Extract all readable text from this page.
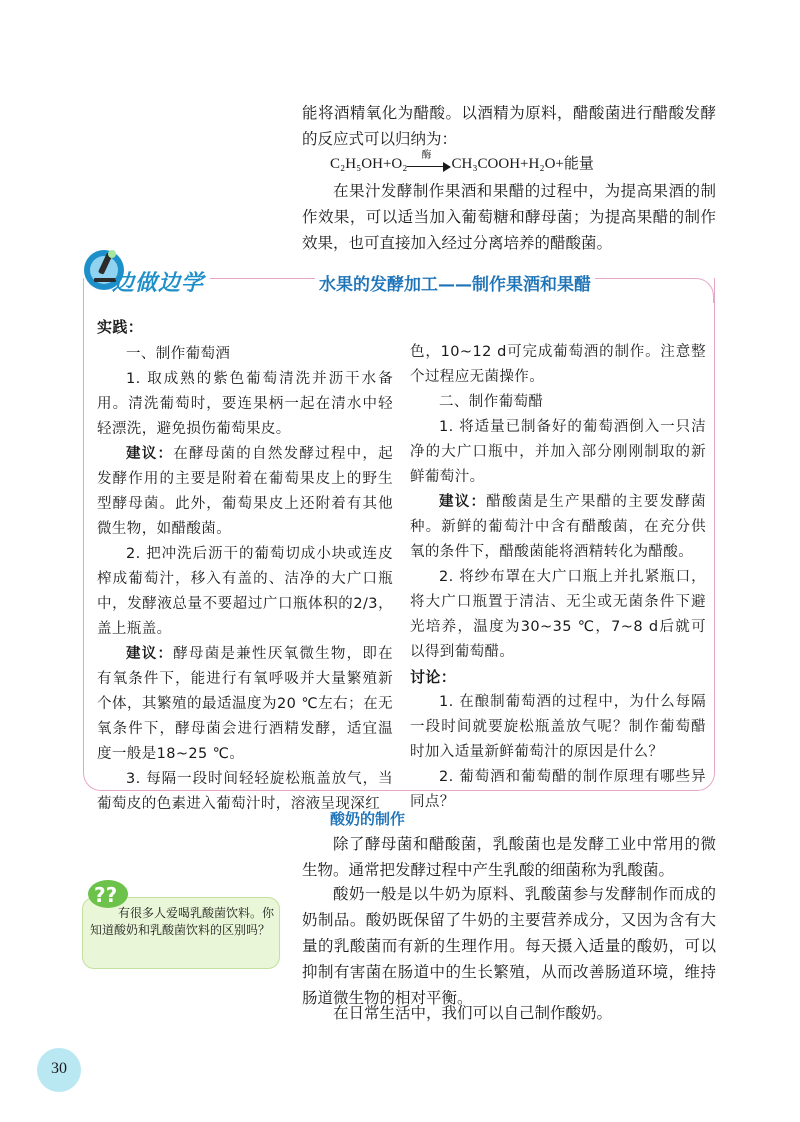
能将酒精氧化为醋酸。以酒精为原料，醋酸菌进行醋酸发酵的反应式可以归纳为：

C₂H₅OH+O₂
酶
CH₃COOH+H₂O+能量

在果汁发酵制作果酒和果醋的过程中，为提高果酒的制作效果，可以适当加入葡萄糖和酵母菌；为提高果醋的制作效果，也可直接加入经过分离培养的醋酸菌。

边做边学	水果的发酵加工——制作果酒和果醋

实践：

一、制作葡萄酒

1. 取成熟的紫色葡萄清洗并沥干水备用。清洗葡萄时，要连果柄一起在清水中轻轻漂洗，避免损伤葡萄果皮。

建议：在酵母菌的自然发酵过程中，起发酵作用的主要是附着在葡萄果皮上的野生型酵母菌。此外，葡萄果皮上还附着有其他微生物，如醋酸菌。

2. 把冲洗后沥干的葡萄切成小块或连皮榨成葡萄汁，移入有盖的、洁净的大广口瓶中，发酵液总量不要超过广口瓶体积的2/3，盖上瓶盖。

建议：酵母菌是兼性厌氧微生物，即在有氧条件下，能进行有氧呼吸并大量繁殖新个体，其繁殖的最适温度为20 ℃左右；在无氧条件下，酵母菌会进行酒精发酵，适宜温度一般是18~25 ℃。

3. 每隔一段时间轻轻旋松瓶盖放气，当葡萄皮的色素进入葡萄汁时，溶液呈现深红

色，10~12 d可完成葡萄酒的制作。注意整个过程应无菌操作。

二、制作葡萄醋

1. 将适量已制备好的葡萄酒倒入一只洁净的大广口瓶中，并加入部分刚刚制取的新鲜葡萄汁。

建议：醋酸菌是生产果醋的主要发酵菌种。新鲜的葡萄汁中含有醋酸菌，在充分供氧的条件下，醋酸菌能将酒精转化为醋酸。

2. 将纱布罩在大广口瓶上并扎紧瓶口，将大广口瓶置于清洁、无尘或无菌条件下避光培养，温度为30~35 ℃，7~8 d后就可以得到葡萄醋。

讨论：

1. 在酿制葡萄酒的过程中，为什么每隔一段时间就要旋松瓶盖放气呢？制作葡萄醋时加入适量新鲜葡萄汁的原因是什么？

2. 葡萄酒和葡萄醋的制作原理有哪些异同点？

酸奶的制作

除了酵母菌和醋酸菌，乳酸菌也是发酵工业中常用的微生物。通常把发酵过程中产生乳酸的细菌称为乳酸菌。

酸奶一般是以牛奶为原料、乳酸菌参与发酵制作而成的奶制品。酸奶既保留了牛奶的主要营养成分，又因为含有大量的乳酸菌而有新的生理作用。每天摄入适量的酸奶，可以抑制有害菌在肠道中的生长繁殖，从而改善肠道环境，维持肠道微生物的相对平衡。

在日常生活中，我们可以自己制作酸奶。

??

有很多人爱喝乳酸菌饮料。你知道酸奶和乳酸菌饮料的区别吗？

30
